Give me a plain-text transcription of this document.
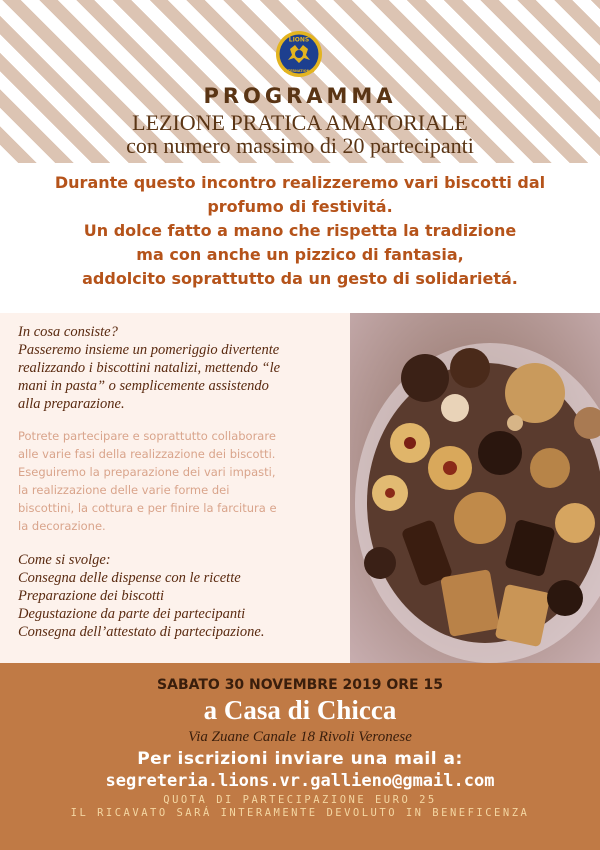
LIONS
INTERNATIONAL
PROGRAMMA
LEZIONE PRATICA AMATORIALE
con numero massimo di 20 partecipanti
Durante questo incontro realizzeremo vari biscotti dal
profumo di festivitá.
Un dolce fatto a mano che rispetta la tradizione
ma con anche un pizzico di fantasia,
addolcito soprattutto da un gesto di solidarietá.
In cosa consiste?
Passeremo insieme un pomeriggio divertente
realizzando i biscottini natalizi, mettendo “le
mani in pasta” o semplicemente assistendo
alla preparazione.
Potrete partecipare e soprattutto collaborare
alle varie fasi della realizzazione dei biscotti.
Eseguiremo la preparazione dei vari impasti,
la realizzazione delle varie forme dei
biscottini, la cottura e per finire la farcitura e
la decorazione.
Come si svolge:
Consegna delle dispense con le ricette
Preparazione dei biscotti
Degustazione da parte dei partecipanti
Consegna dell’attestato di partecipazione.
SABATO 30 NOVEMBRE 2019 ORE 15
a Casa di Chicca
Via Zuane Canale 18 Rivoli Veronese
Per iscrizioni inviare una mail a:
segreteria.lions.vr.gallieno@gmail.com
QUOTA DI PARTECIPAZIONE EURO 25
IL RICAVATO SARÁ INTERAMENTE DEVOLUTO IN BENEFICENZA
